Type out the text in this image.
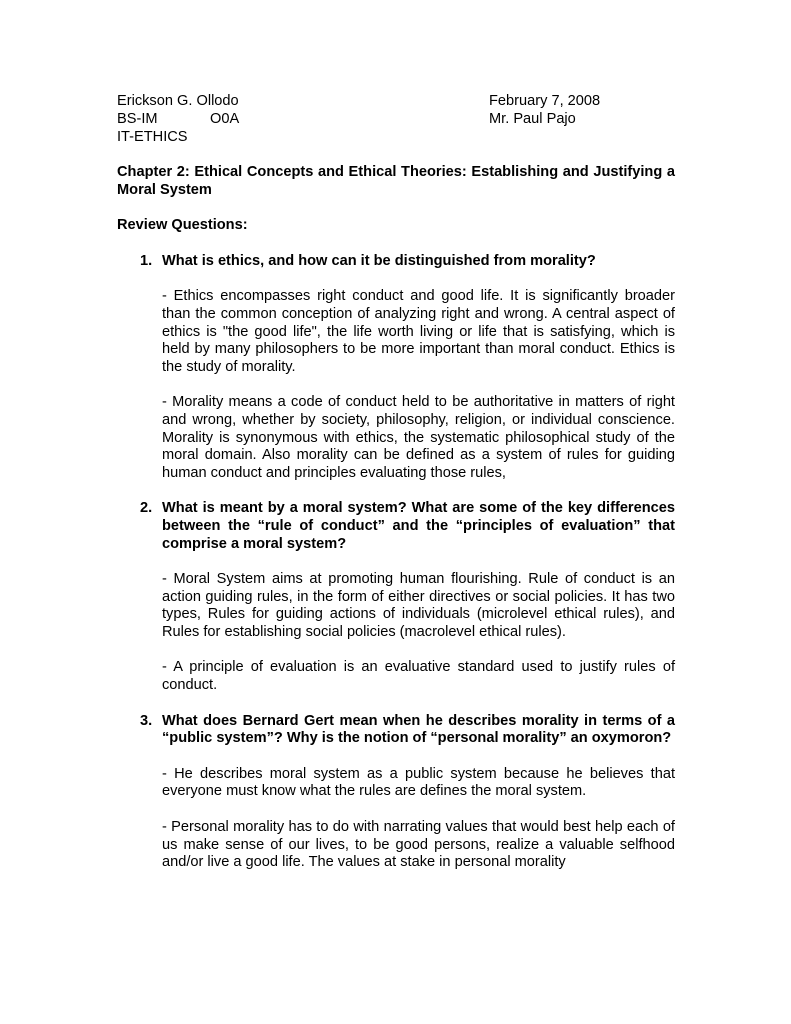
Erickson G. Ollodo	February 7, 2008
BS-IM	O0A	Mr. Paul Pajo
IT-ETHICS

Chapter 2: Ethical Concepts and Ethical Theories: Establishing and Justifying a Moral System

Review Questions:

1. What is ethics, and how can it be distinguished from morality?

- Ethics encompasses right conduct and good life. It is significantly broader than the common conception of analyzing right and wrong. A central aspect of ethics is "the good life", the life worth living or life that is satisfying, which is held by many philosophers to be more important than moral conduct. Ethics is the study of morality.

- Morality means a code of conduct held to be authoritative in matters of right and wrong, whether by society, philosophy, religion, or individual conscience. Morality is synonymous with ethics, the systematic philosophical study of the moral domain. Also morality can be defined as a system of rules for guiding human conduct and principles evaluating those rules,

2. What is meant by a moral system? What are some of the key differences between the “rule of conduct” and the “principles of evaluation” that comprise a moral system?

- Moral System aims at promoting human flourishing. Rule of conduct is an action guiding rules, in the form of either directives or social policies. It has two types, Rules for guiding actions of individuals (microlevel ethical rules), and Rules for establishing social policies (macrolevel ethical rules).

- A principle of evaluation is an evaluative standard used to justify rules of conduct.

3. What does Bernard Gert mean when he describes morality in terms of a “public system”? Why is the notion of “personal morality” an oxymoron?

- He describes moral system as a public system because he believes that everyone must know what the rules are defines the moral system.

- Personal morality has to do with narrating values that would best help each of us make sense of our lives, to be good persons, realize a valuable selfhood and/or live a good life. The values at stake in personal morality
